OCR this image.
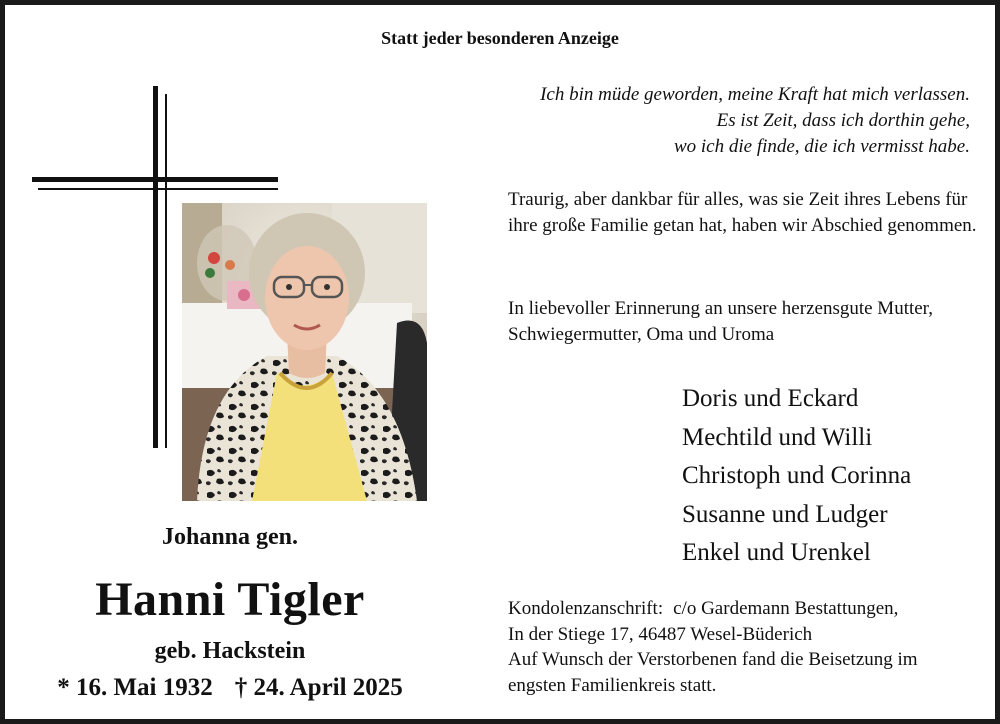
Statt jeder besonderen Anzeige
Johanna gen.
Hanni Tigler
geb. Hackstein
* 16. Mai 1932 † 24. April 2025
Ich bin müde geworden, meine Kraft hat mich verlassen.
Es ist Zeit, dass ich dorthin gehe,
wo ich die finde, die ich vermisst habe.
Traurig, aber dankbar für alles, was sie Zeit ihres Lebens für ihre große Familie getan hat, haben wir Abschied genommen.
In liebevoller Erinnerung an unsere herzensgute Mutter, Schwiegermutter, Oma und Uroma
Doris und Eckard
Mechtild und Willi
Christoph und Corinna
Susanne und Ludger
Enkel und Urenkel
Kondolenzanschrift: c/o Gardemann Bestattungen,
In der Stiege 17, 46487 Wesel-Büderich
Auf Wunsch der Verstorbenen fand die Beisetzung im
engsten Familienkreis statt.
